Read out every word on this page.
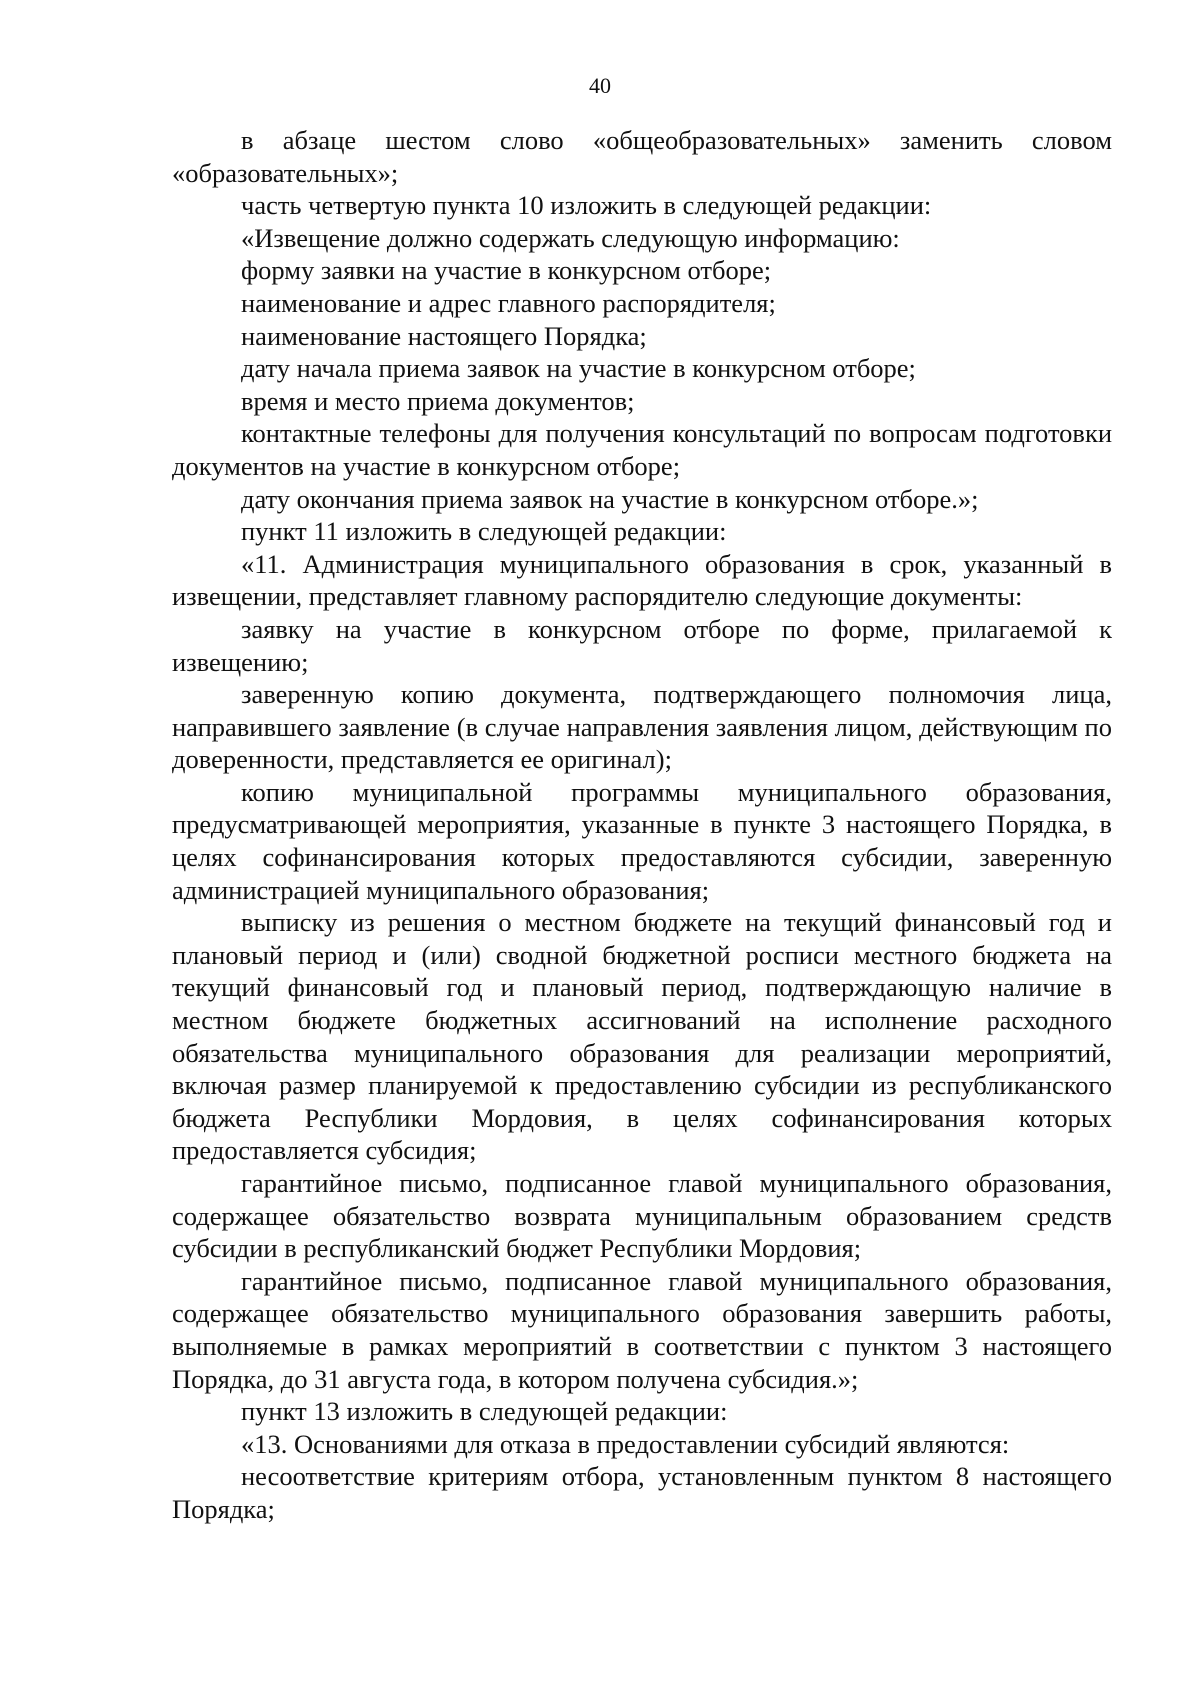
40

в абзаце шестом слово «общеобразовательных» заменить словом «образовательных»;

часть четвертую пункта 10 изложить в следующей редакции:

«Извещение должно содержать следующую информацию:

форму заявки на участие в конкурсном отборе;

наименование и адрес главного распорядителя;

наименование настоящего Порядка;

дату начала приема заявок на участие в конкурсном отборе;

время и место приема документов;

контактные телефоны для получения консультаций по вопросам подготовки документов на участие в конкурсном отборе;

дату окончания приема заявок на участие в конкурсном отборе.»;

пункт 11 изложить в следующей редакции:

«11. Администрация муниципального образования в срок, указанный в извещении, представляет главному распорядителю следующие документы:

заявку на участие в конкурсном отборе по форме, прилагаемой к извещению;

заверенную копию документа, подтверждающего полномочия лица, направившего заявление (в случае направления заявления лицом, действующим по доверенности, представляется ее оригинал);

копию муниципальной программы муниципального образования, предусматривающей мероприятия, указанные в пункте 3 настоящего Порядка, в целях софинансирования которых предоставляются субсидии, заверенную администрацией муниципального образования;

выписку из решения о местном бюджете на текущий финансовый год и плановый период и (или) сводной бюджетной росписи местного бюджета на текущий финансовый год и плановый период, подтверждающую наличие в местном бюджете бюджетных ассигнований на исполнение расходного обязательства муниципального образования для реализации мероприятий, включая размер планируемой к предоставлению субсидии из республиканского бюджета Республики Мордовия, в целях софинансирования которых предоставляется субсидия;

гарантийное письмо, подписанное главой муниципального образования, содержащее обязательство возврата муниципальным образованием средств субсидии в республиканский бюджет Республики Мордовия;

гарантийное письмо, подписанное главой муниципального образования, содержащее обязательство муниципального образования завершить работы, выполняемые в рамках мероприятий в соответствии с пунктом 3 настоящего Порядка, до 31 августа года, в котором получена субсидия.»;

пункт 13 изложить в следующей редакции:

«13. Основаниями для отказа в предоставлении субсидий являются:

несоответствие критериям отбора, установленным пунктом 8 настоящего Порядка;
